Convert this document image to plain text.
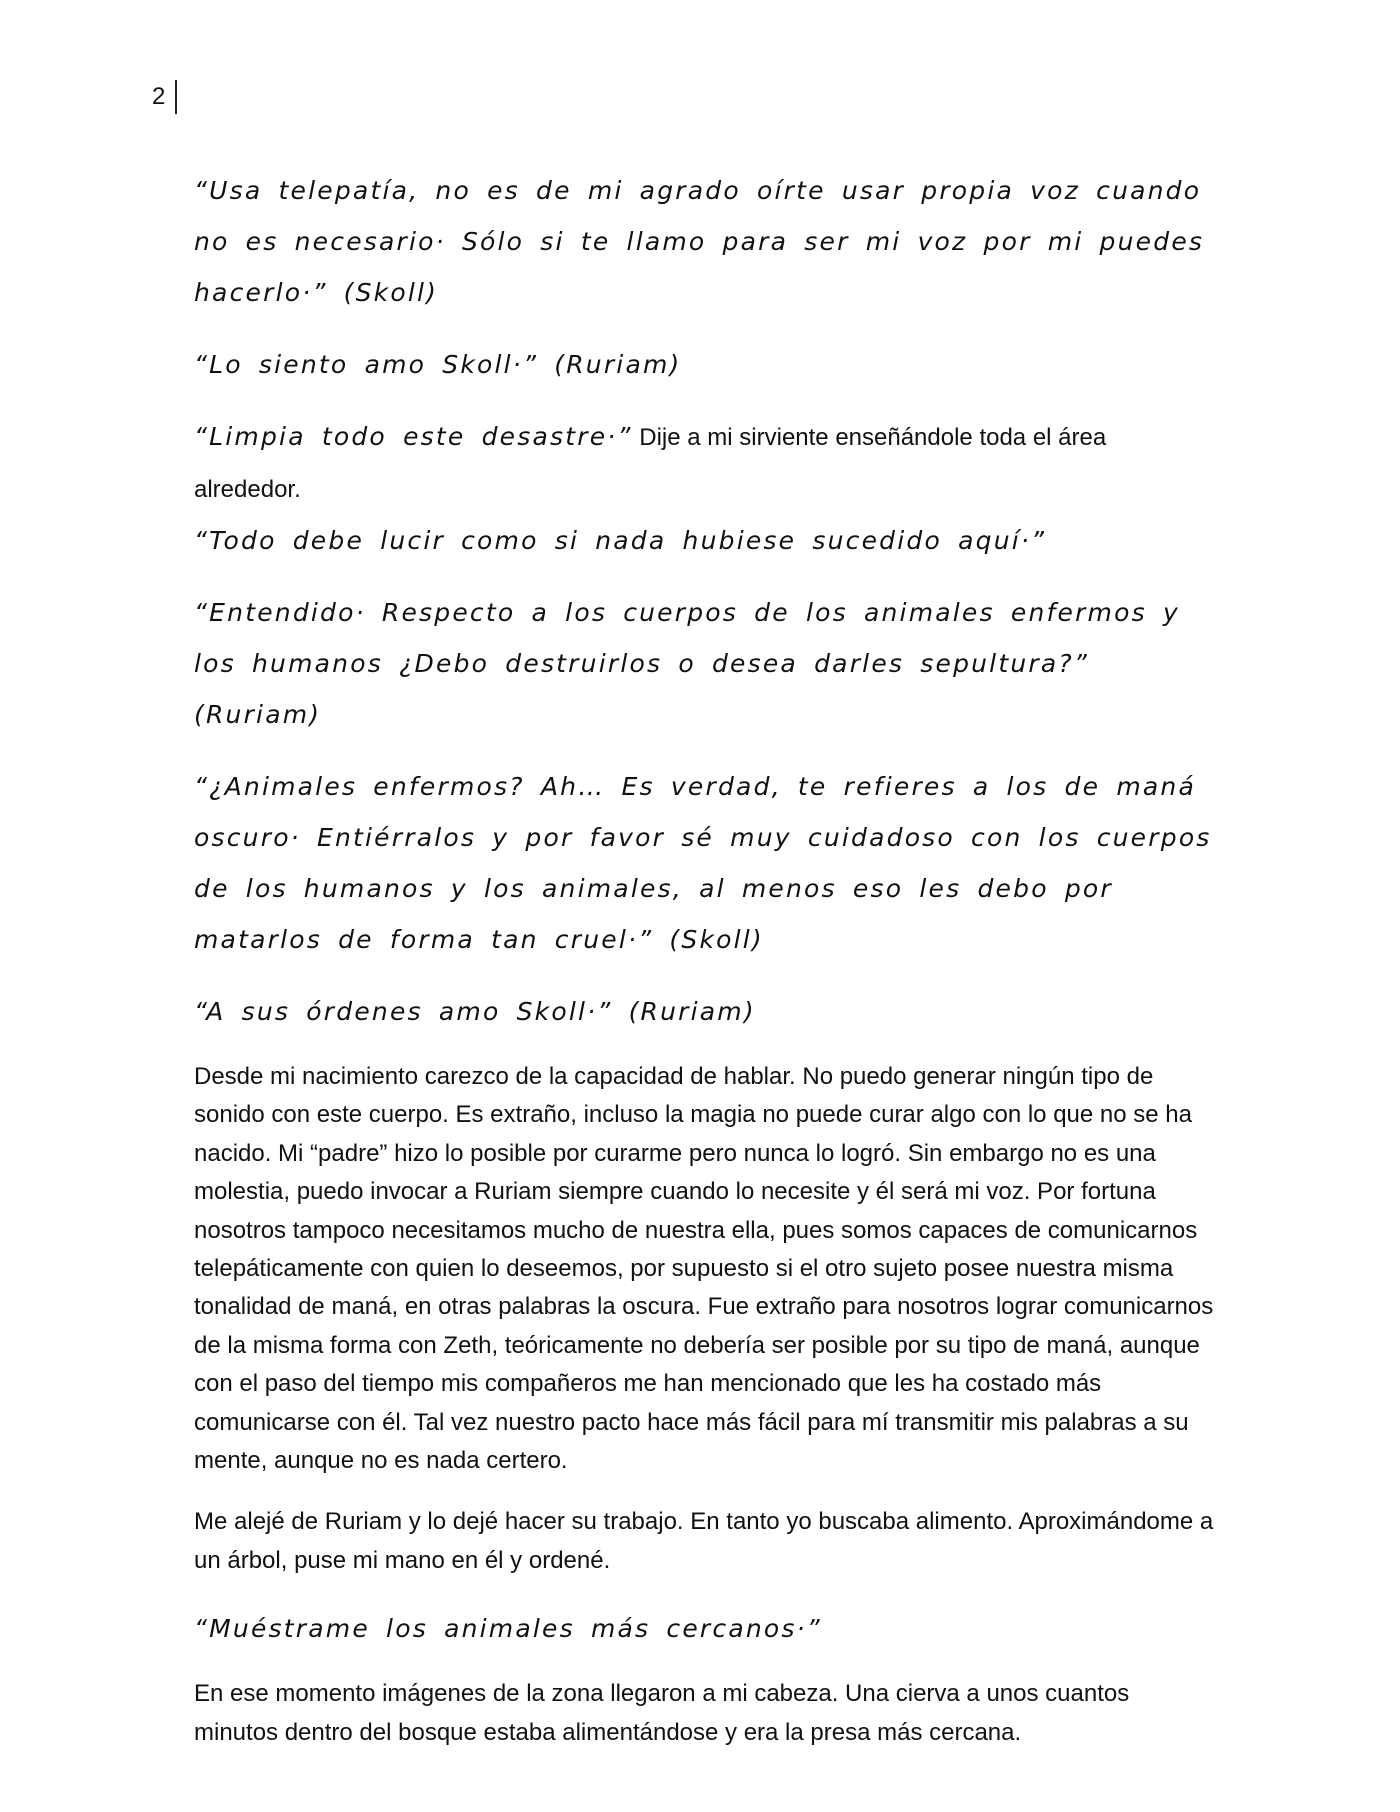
2

“Usa telepatía, no es de mi agrado oírte usar propia voz cuando no es necesario· Sólo si te llamo para ser mi voz por mi puedes hacerlo·” (Skoll)

“Lo siento amo Skoll·” (Ruriam)

“Limpia todo este desastre·” Dije a mi sirviente enseñándole toda el área alrededor.
“Todo debe lucir como si nada hubiese sucedido aquí·”

“Entendido· Respecto a los cuerpos de los animales enfermos y los humanos ¿Debo destruirlos o desea darles sepultura?” (Ruriam)

“¿Animales enfermos? Ah… Es verdad, te refieres a los de maná oscuro· Entiérralos y por favor sé muy cuidadoso con los cuerpos de los humanos y los animales, al menos eso les debo por matarlos de forma tan cruel·” (Skoll)

“A sus órdenes amo Skoll·” (Ruriam)

Desde mi nacimiento carezco de la capacidad de hablar. No puedo generar ningún tipo de sonido con este cuerpo. Es extraño, incluso la magia no puede curar algo con lo que no se ha nacido. Mi “padre” hizo lo posible por curarme pero nunca lo logró. Sin embargo no es una molestia, puedo invocar a Ruriam siempre cuando lo necesite y él será mi voz. Por fortuna nosotros tampoco necesitamos mucho de nuestra ella, pues somos capaces de comunicarnos telepáticamente con quien lo deseemos, por supuesto si el otro sujeto posee nuestra misma tonalidad de maná, en otras palabras la oscura. Fue extraño para nosotros lograr comunicarnos de la misma forma con Zeth, teóricamente no debería ser posible por su tipo de maná, aunque con el paso del tiempo mis compañeros me han mencionado que les ha costado más comunicarse con él. Tal vez nuestro pacto hace más fácil para mí transmitir mis palabras a su mente, aunque no es nada certero.

Me alejé de Ruriam y lo dejé hacer su trabajo. En tanto yo buscaba alimento. Aproximándome a un árbol, puse mi mano en él y ordené.

“Muéstrame los animales más cercanos·”

En ese momento imágenes de la zona llegaron a mi cabeza. Una cierva a unos cuantos minutos dentro del bosque estaba alimentándose y era la presa más cercana.
